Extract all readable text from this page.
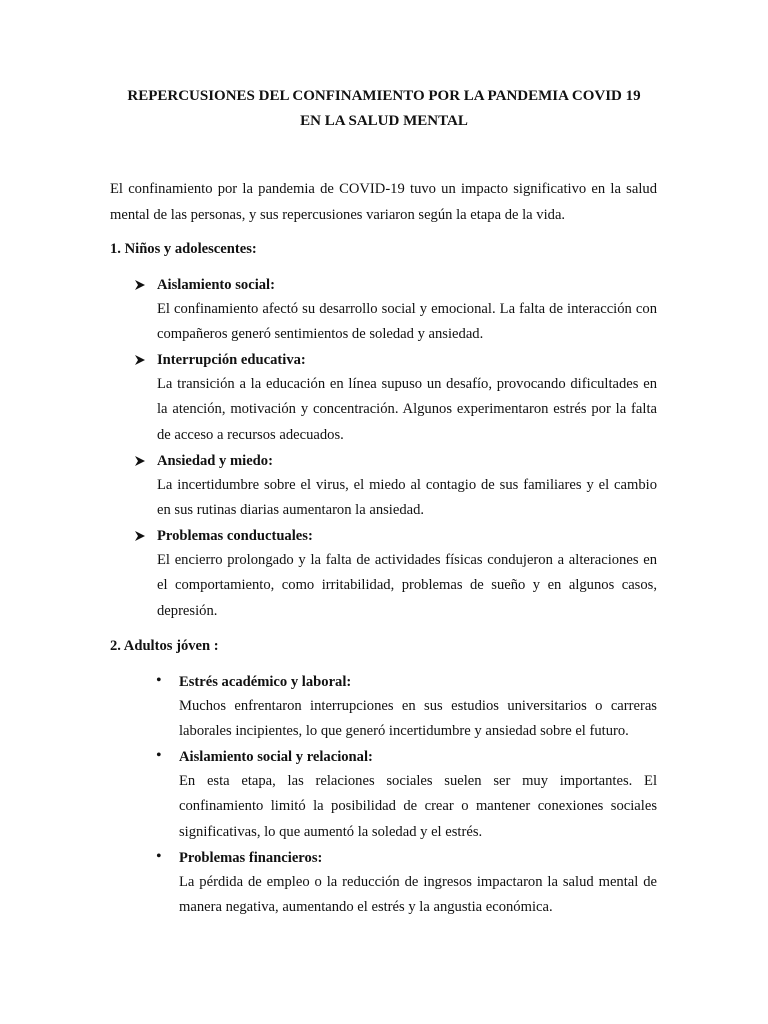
REPERCUSIONES DEL CONFINAMIENTO POR LA PANDEMIA COVID 19
EN LA SALUD MENTAL
El confinamiento por la pandemia de COVID-19 tuvo un impacto significativo en la salud mental de las personas, y sus repercusiones variaron según la etapa de la vida.
1. Niños y adolescentes:
Aislamiento social:
El confinamiento afectó su desarrollo social y emocional. La falta de interacción con compañeros generó sentimientos de soledad y ansiedad.
Interrupción educativa:
La transición a la educación en línea supuso un desafío, provocando dificultades en la atención, motivación y concentración. Algunos experimentaron estrés por la falta de acceso a recursos adecuados.
Ansiedad y miedo:
La incertidumbre sobre el virus, el miedo al contagio de sus familiares y el cambio en sus rutinas diarias aumentaron la ansiedad.
Problemas conductuales:
El encierro prolongado y la falta de actividades físicas condujeron a alteraciones en el comportamiento, como irritabilidad, problemas de sueño y en algunos casos, depresión.
2. Adultos jóven :
• Estrés académico y laboral:
Muchos enfrentaron interrupciones en sus estudios universitarios o carreras laborales incipientes, lo que generó incertidumbre y ansiedad sobre el futuro.
• Aislamiento social y relacional:
En esta etapa, las relaciones sociales suelen ser muy importantes. El confinamiento limitó la posibilidad de crear o mantener conexiones sociales significativas, lo que aumentó la soledad y el estrés.
• Problemas financieros:
La pérdida de empleo o la reducción de ingresos impactaron la salud mental de manera negativa, aumentando el estrés y la angustia económica.
